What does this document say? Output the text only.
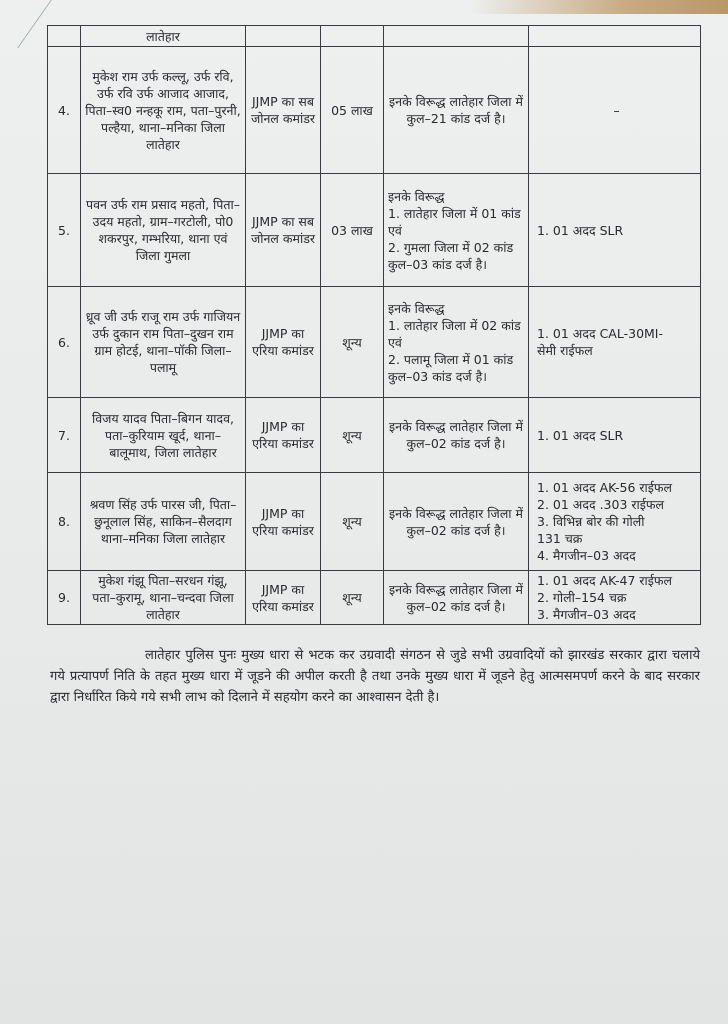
	लातेहार				
4.	मुकेश राम उर्फ कल्लू, उर्फ रवि, उर्फ रवि उर्फ आजाद आजाद, पिता–स्व0 नन्हकू राम, पता–पुरनी, पल्हैया, थाना–मनिका जिला लातेहार	JJMP का सब जोनल कमांडर	05 लाख	इनके विरूद्ध लातेहार जिला में कुल–21 कांड दर्ज है।	–
5.	पवन उर्फ राम प्रसाद महतो, पिता–उदय महतो, ग्राम–गरटोली, पो0 शकरपुर, गम्भरिया, थाना एवं जिला गुमला	JJMP का सब जोनल कमांडर	03 लाख	इनके विरूद्ध
1. लातेहार जिला में 01 कांड एवं
2. गुमला जिला में 02 कांड
कुल–03 कांड दर्ज है।	1. 01 अदद SLR
6.	ध्रूव जी उर्फ राजू राम उर्फ गाजियन उर्फ दुकान राम पिता–दुखन राम ग्राम होटई, थाना–पॉकी जिला–पलामू	JJMP का एरिया कमांडर	शून्य	इनके विरूद्ध
1. लातेहार जिला में 02 कांड एवं
2. पलामू जिला में 01 कांड
कुल–03 कांड दर्ज है।	1. 01 अदद CAL-30MI-
सेमी राईफल
7.	विजय यादव पिता–बिगन यादव, पता–कुरियाम खूर्द, थाना–बालूमाथ, जिला लातेहार	JJMP का एरिया कमांडर	शून्य	इनके विरूद्ध लातेहार जिला में
कुल–02 कांड दर्ज है।	1. 01 अदद SLR
8.	श्रवण सिंह उर्फ पारस जी, पिता–छुनूलाल सिंह, साकिन–सैलदाग थाना–मनिका जिला लातेहार	JJMP का एरिया कमांडर	शून्य	इनके विरूद्ध लातेहार जिला में
कुल–02 कांड दर्ज है।	1. 01 अदद AK-56 राईफल
2. 01 अदद .303 राईफल
3. विभिन्न बोर की गोली
131 चक्र
4. मैगजीन–03 अदद
9.	मुकेश गंझू पिता–सरधन गंझू, पता–कुरामू, थाना–चन्दवा जिला लातेहार	JJMP का एरिया कमांडर	शून्य	इनके विरूद्ध लातेहार जिला में
कुल–02 कांड दर्ज है।	1. 01 अदद AK-47 राईफल
2. गोली–154 चक्र
3. मैगजीन–03 अदद

लातेहार पुलिस पुनः मुख्य धारा से भटक कर उग्रवादी संगठन से जुडे सभी उग्रवादियों को झारखंड सरकार द्वारा चलाये गये प्रत्यापर्ण निति के तहत मुख्य धारा में जूडने की अपील करती है तथा उनके मुख्य धारा में जूडने हेतु आत्मसमपर्ण करने के बाद सरकार द्वारा निर्धारित किये गये सभी लाभ को दिलाने में सहयोग करने का आश्वासन देती है।
